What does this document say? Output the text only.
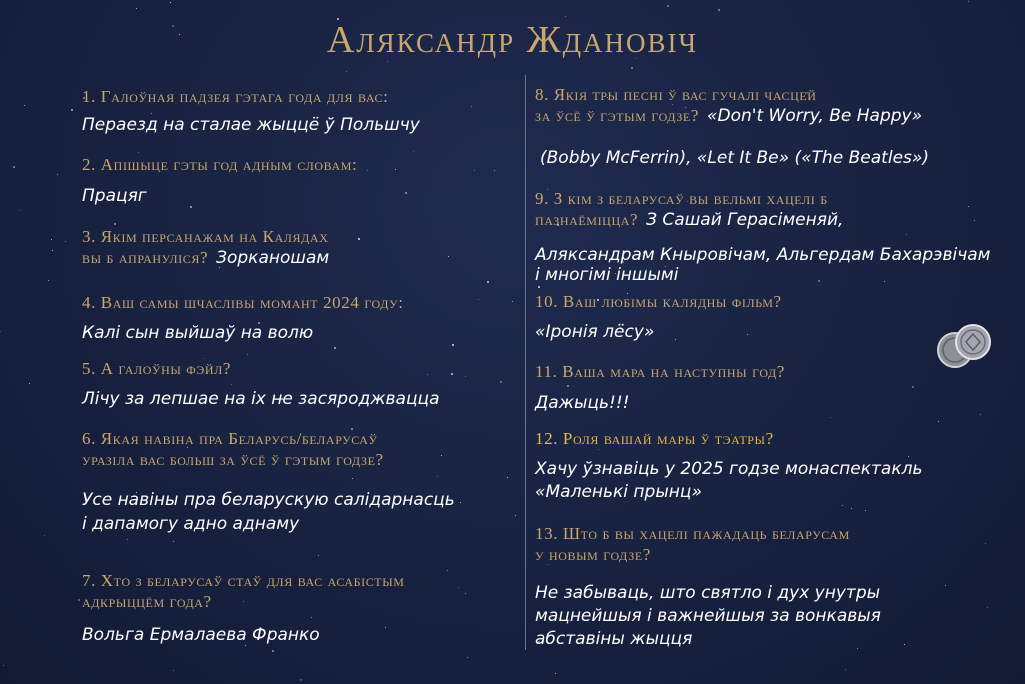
Аляксандр Ждановіч
1. Галоўная падзея гэтага года для вас:
Пераезд на сталае жыццё ў Польшчу
2. Апішыце гэты год адным словам:
Працяг
3. Якім персанажам на Калядах
вы б апрануліся? Зорканошам
4. Ваш самы шчаслівы момант 2024 году:
Калі сын выйшаў на волю
5. А галоўны фэйл?
Лічу за лепшае на іх не засяроджвацца
6. Якая навіна пра Беларусь/беларусаў
уразіла вас больш за ўсё ў гэтым годзе?
Усе навіны пра беларускую салідарнасць
і дапамогу адно аднаму
7. Хто з беларусаў стаў для вас асабістым
адкрыццём года?
Вольга Ермалаева Франко
8. Якія тры песні ў вас гучалі часцей
за ўсё ў гэтым годзе? «Don't Worry, Be Happy»
(Bobby McFerrin), «Let It Be» («The Beatles»)
9. З кім з беларусаў вы вельмі хацелі б
пазнаёміцца? З Сашай Герасіменяй,
Аляксандрам Кныровічам, Альгердам Бахарэвічам
і многімі іншымі
10. Ваш любімы калядны фільм?
«Іронія лёсу»
11. Ваша мара на наступны год?
Дажыць!!!
12. Роля вашай мары ў тэатры?
Хачу ўзнавіць у 2025 годзе монаспектакль
«Маленькі прынц»
13. Што б вы хацелі пажадаць беларусам
у новым годзе?
Не забываць, што святло і дух унутры
мацнейшыя і важнейшыя за вонкавыя
абставіны жыцця
